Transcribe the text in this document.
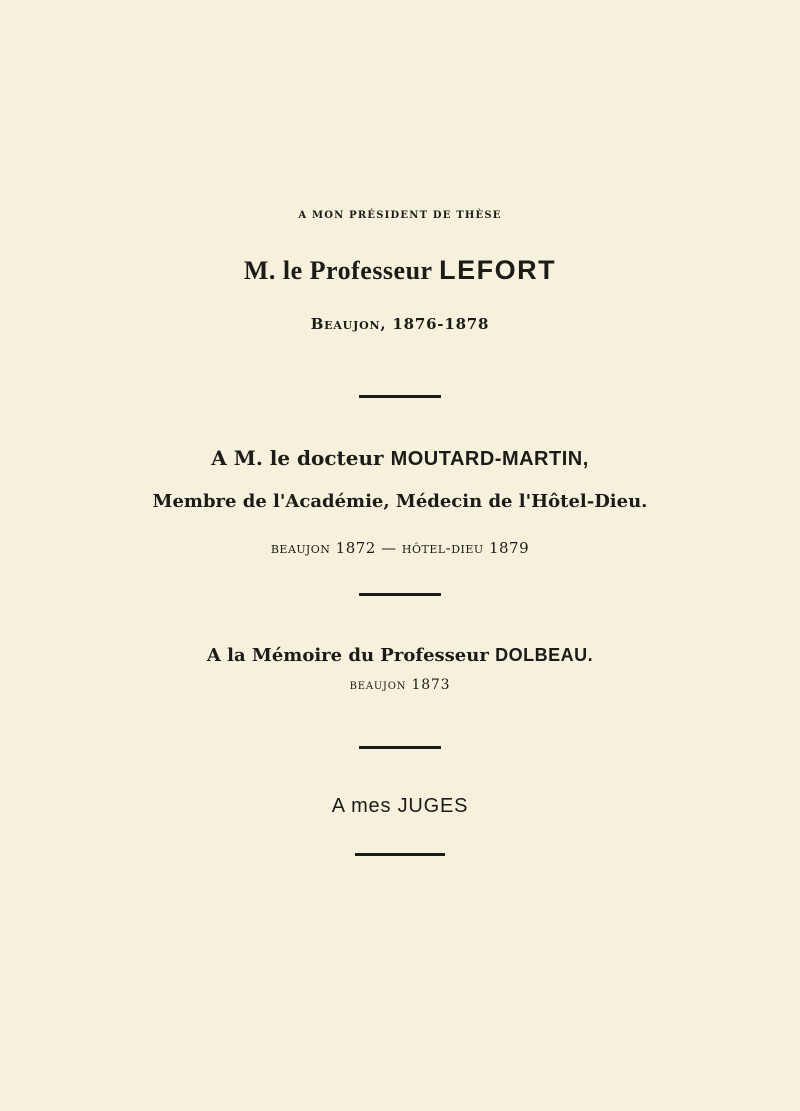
A MON PRÉSIDENT DE THÈSE
M. le Professeur LEFORT
Beaujon, 1876-1878
A M. le docteur MOUTARD-MARTIN,
Membre de l'Académie, Médecin de l'Hôtel-Dieu.
beaujon 1872 — hôtel-dieu 1879
A la Mémoire du Professeur DOLBEAU.
beaujon 1873
A mes JUGES
